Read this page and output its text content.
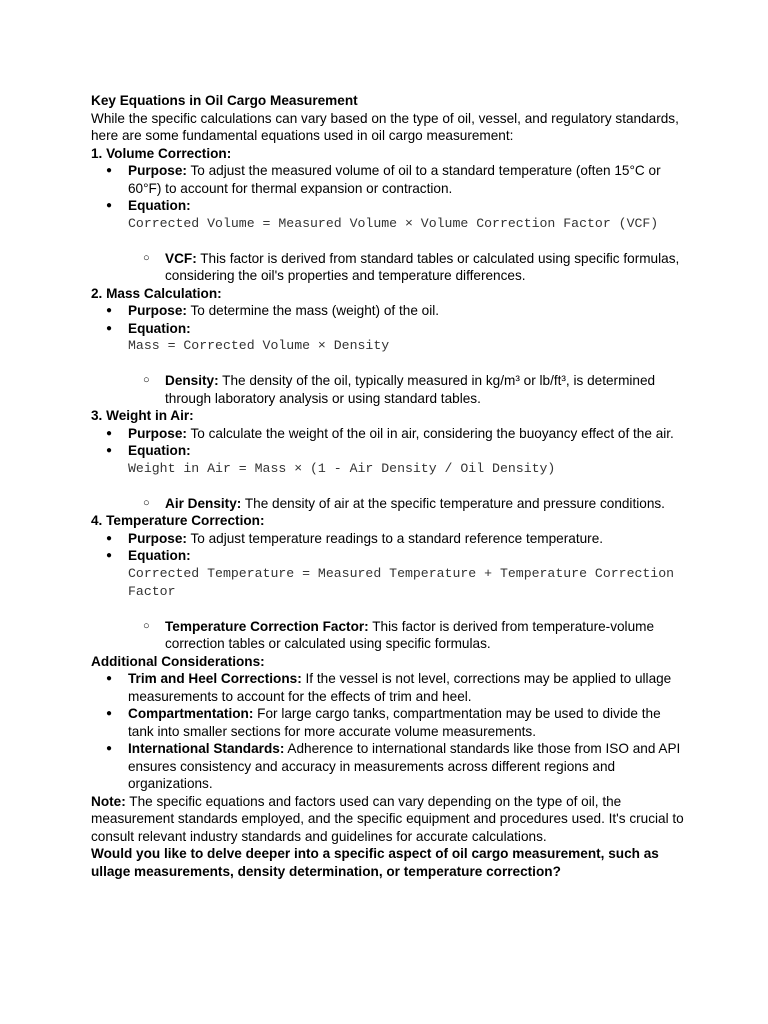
Key Equations in Oil Cargo Measurement

While the specific calculations can vary based on the type of oil, vessel, and regulatory standards, here are some fundamental equations used in oil cargo measurement:

1. Volume Correction:

● Purpose: To adjust the measured volume of oil to a standard temperature (often 15°C or 60°F) to account for thermal expansion or contraction.
● Equation:
Corrected Volume = Measured Volume × Volume Correction Factor (VCF)
○ VCF: This factor is derived from standard tables or calculated using specific formulas, considering the oil's properties and temperature differences.

2. Mass Calculation:

● Purpose: To determine the mass (weight) of the oil.
● Equation:
Mass = Corrected Volume × Density
○ Density: The density of the oil, typically measured in kg/m³ or lb/ft³, is determined through laboratory analysis or using standard tables.

3. Weight in Air:

● Purpose: To calculate the weight of the oil in air, considering the buoyancy effect of the air.
● Equation:
Weight in Air = Mass × (1 - Air Density / Oil Density)
○ Air Density: The density of air at the specific temperature and pressure conditions.

4. Temperature Correction:

● Purpose: To adjust temperature readings to a standard reference temperature.
● Equation:
Corrected Temperature = Measured Temperature + Temperature Correction Factor
○ Temperature Correction Factor: This factor is derived from temperature-volume correction tables or calculated using specific formulas.

Additional Considerations:

● Trim and Heel Corrections: If the vessel is not level, corrections may be applied to ullage measurements to account for the effects of trim and heel.
● Compartmentation: For large cargo tanks, compartmentation may be used to divide the tank into smaller sections for more accurate volume measurements.
● International Standards: Adherence to international standards like those from ISO and API ensures consistency and accuracy in measurements across different regions and organizations.

Note: The specific equations and factors used can vary depending on the type of oil, the measurement standards employed, and the specific equipment and procedures used. It's crucial to consult relevant industry standards and guidelines for accurate calculations.

Would you like to delve deeper into a specific aspect of oil cargo measurement, such as ullage measurements, density determination, or temperature correction?
